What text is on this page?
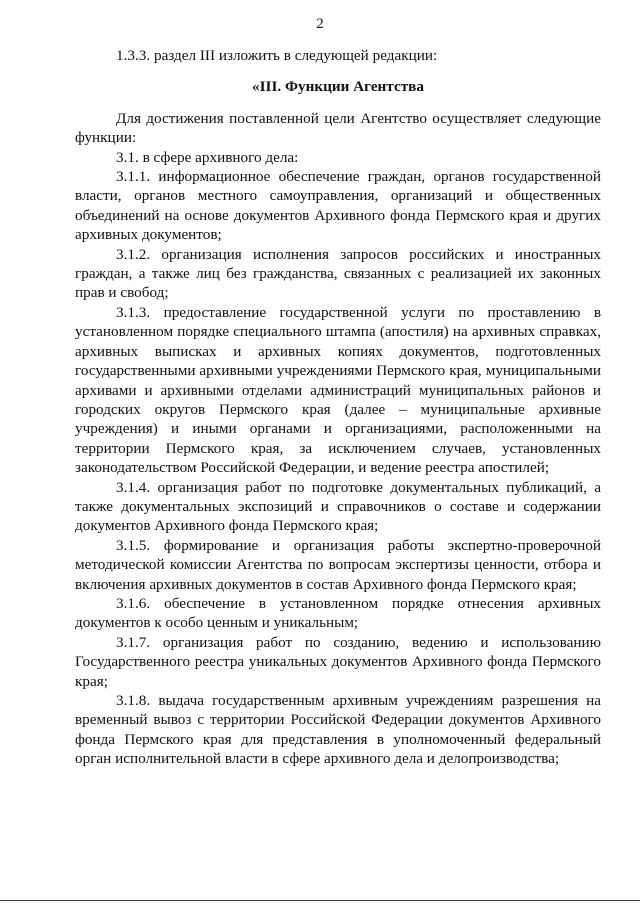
2

1.3.3. раздел III изложить в следующей редакции:

«III. Функции Агентства

Для достижения поставленной цели Агентство осуществляет следующие функции:

3.1. в сфере архивного дела:

3.1.1. информационное обеспечение граждан, органов государственной власти, органов местного самоуправления, организаций и общественных объединений на основе документов Архивного фонда Пермского края и других архивных документов;

3.1.2. организация исполнения запросов российских и иностранных граждан, а также лиц без гражданства, связанных с реализацией их законных прав и свобод;

3.1.3. предоставление государственной услуги по проставлению в установленном порядке специального штампа (апостиля) на архивных справках, архивных выписках и архивных копиях документов, подготовленных государственными архивными учреждениями Пермского края, муниципальными архивами и архивными отделами администраций муниципальных районов и городских округов Пермского края (далее – муниципальные архивные учреждения) и иными органами и организациями, расположенными на территории Пермского края, за исключением случаев, установленных законодательством Российской Федерации, и ведение реестра апостилей;

3.1.4. организация работ по подготовке документальных публикаций, а также документальных экспозиций и справочников о составе и содержании документов Архивного фонда Пермского края;

3.1.5. формирование и организация работы экспертно-проверочной методической комиссии Агентства по вопросам экспертизы ценности, отбора и включения архивных документов в состав Архивного фонда Пермского края;

3.1.6. обеспечение в установленном порядке отнесения архивных документов к особо ценным и уникальным;

3.1.7. организация работ по созданию, ведению и использованию Государственного реестра уникальных документов Архивного фонда Пермского края;

3.1.8. выдача государственным архивным учреждениям разрешения на временный вывоз с территории Российской Федерации документов Архивного фонда Пермского края для представления в уполномоченный федеральный орган исполнительной власти в сфере архивного дела и делопроизводства;
